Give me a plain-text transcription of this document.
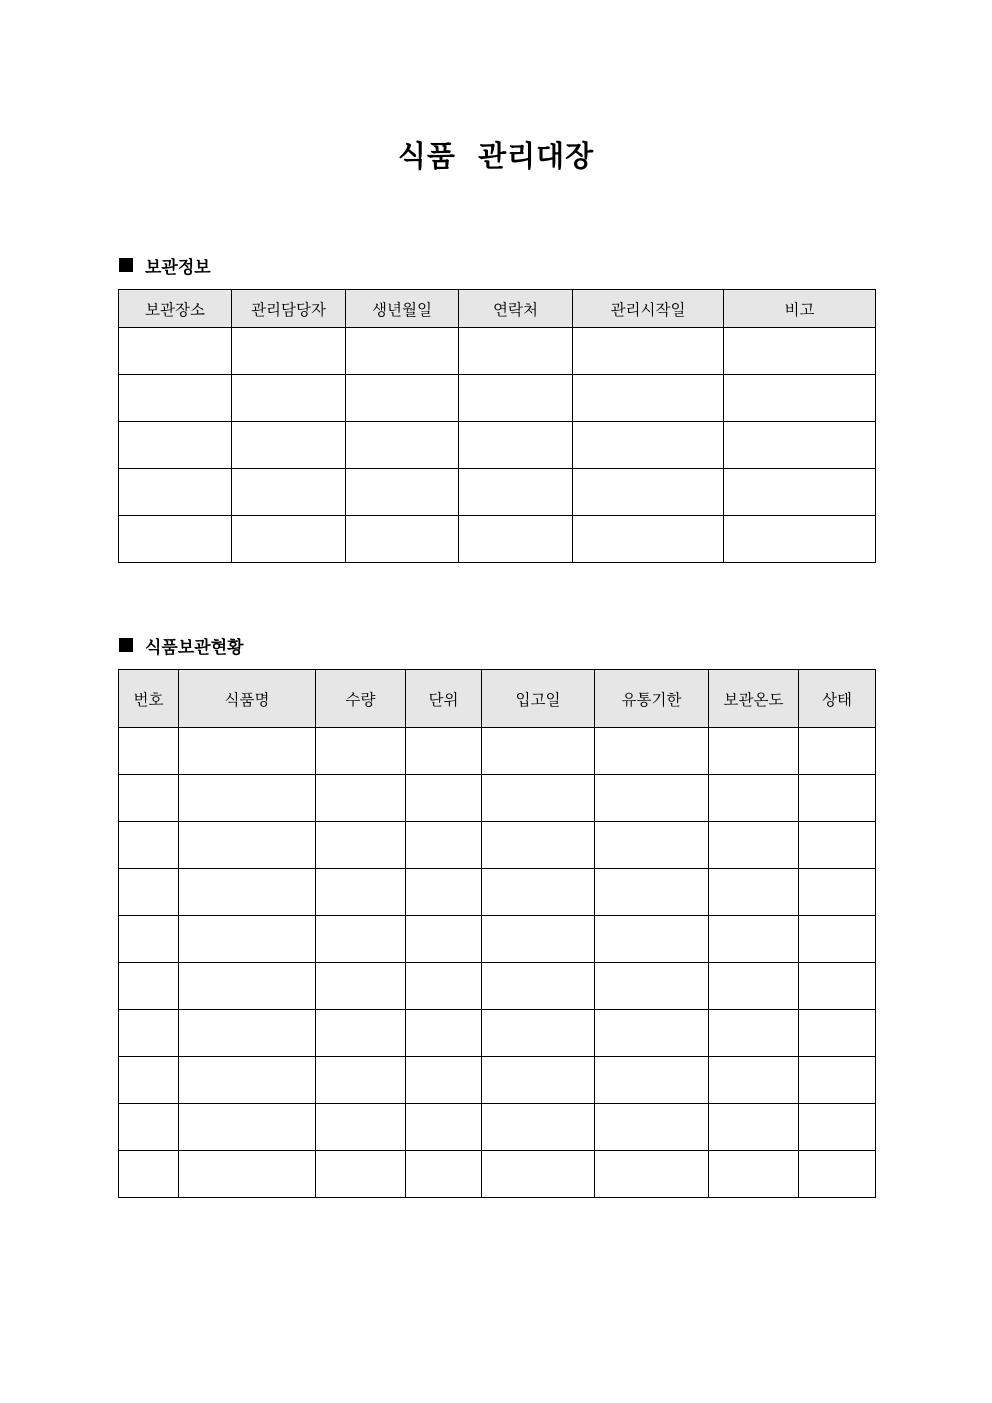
식품  관리대장
보관정보
보관장소	관리담당자	생년월일	연락처	관리시작일	비고

식품보관현황
번호	식품명	수량	단위	입고일	유통기한	보관온도	상태
